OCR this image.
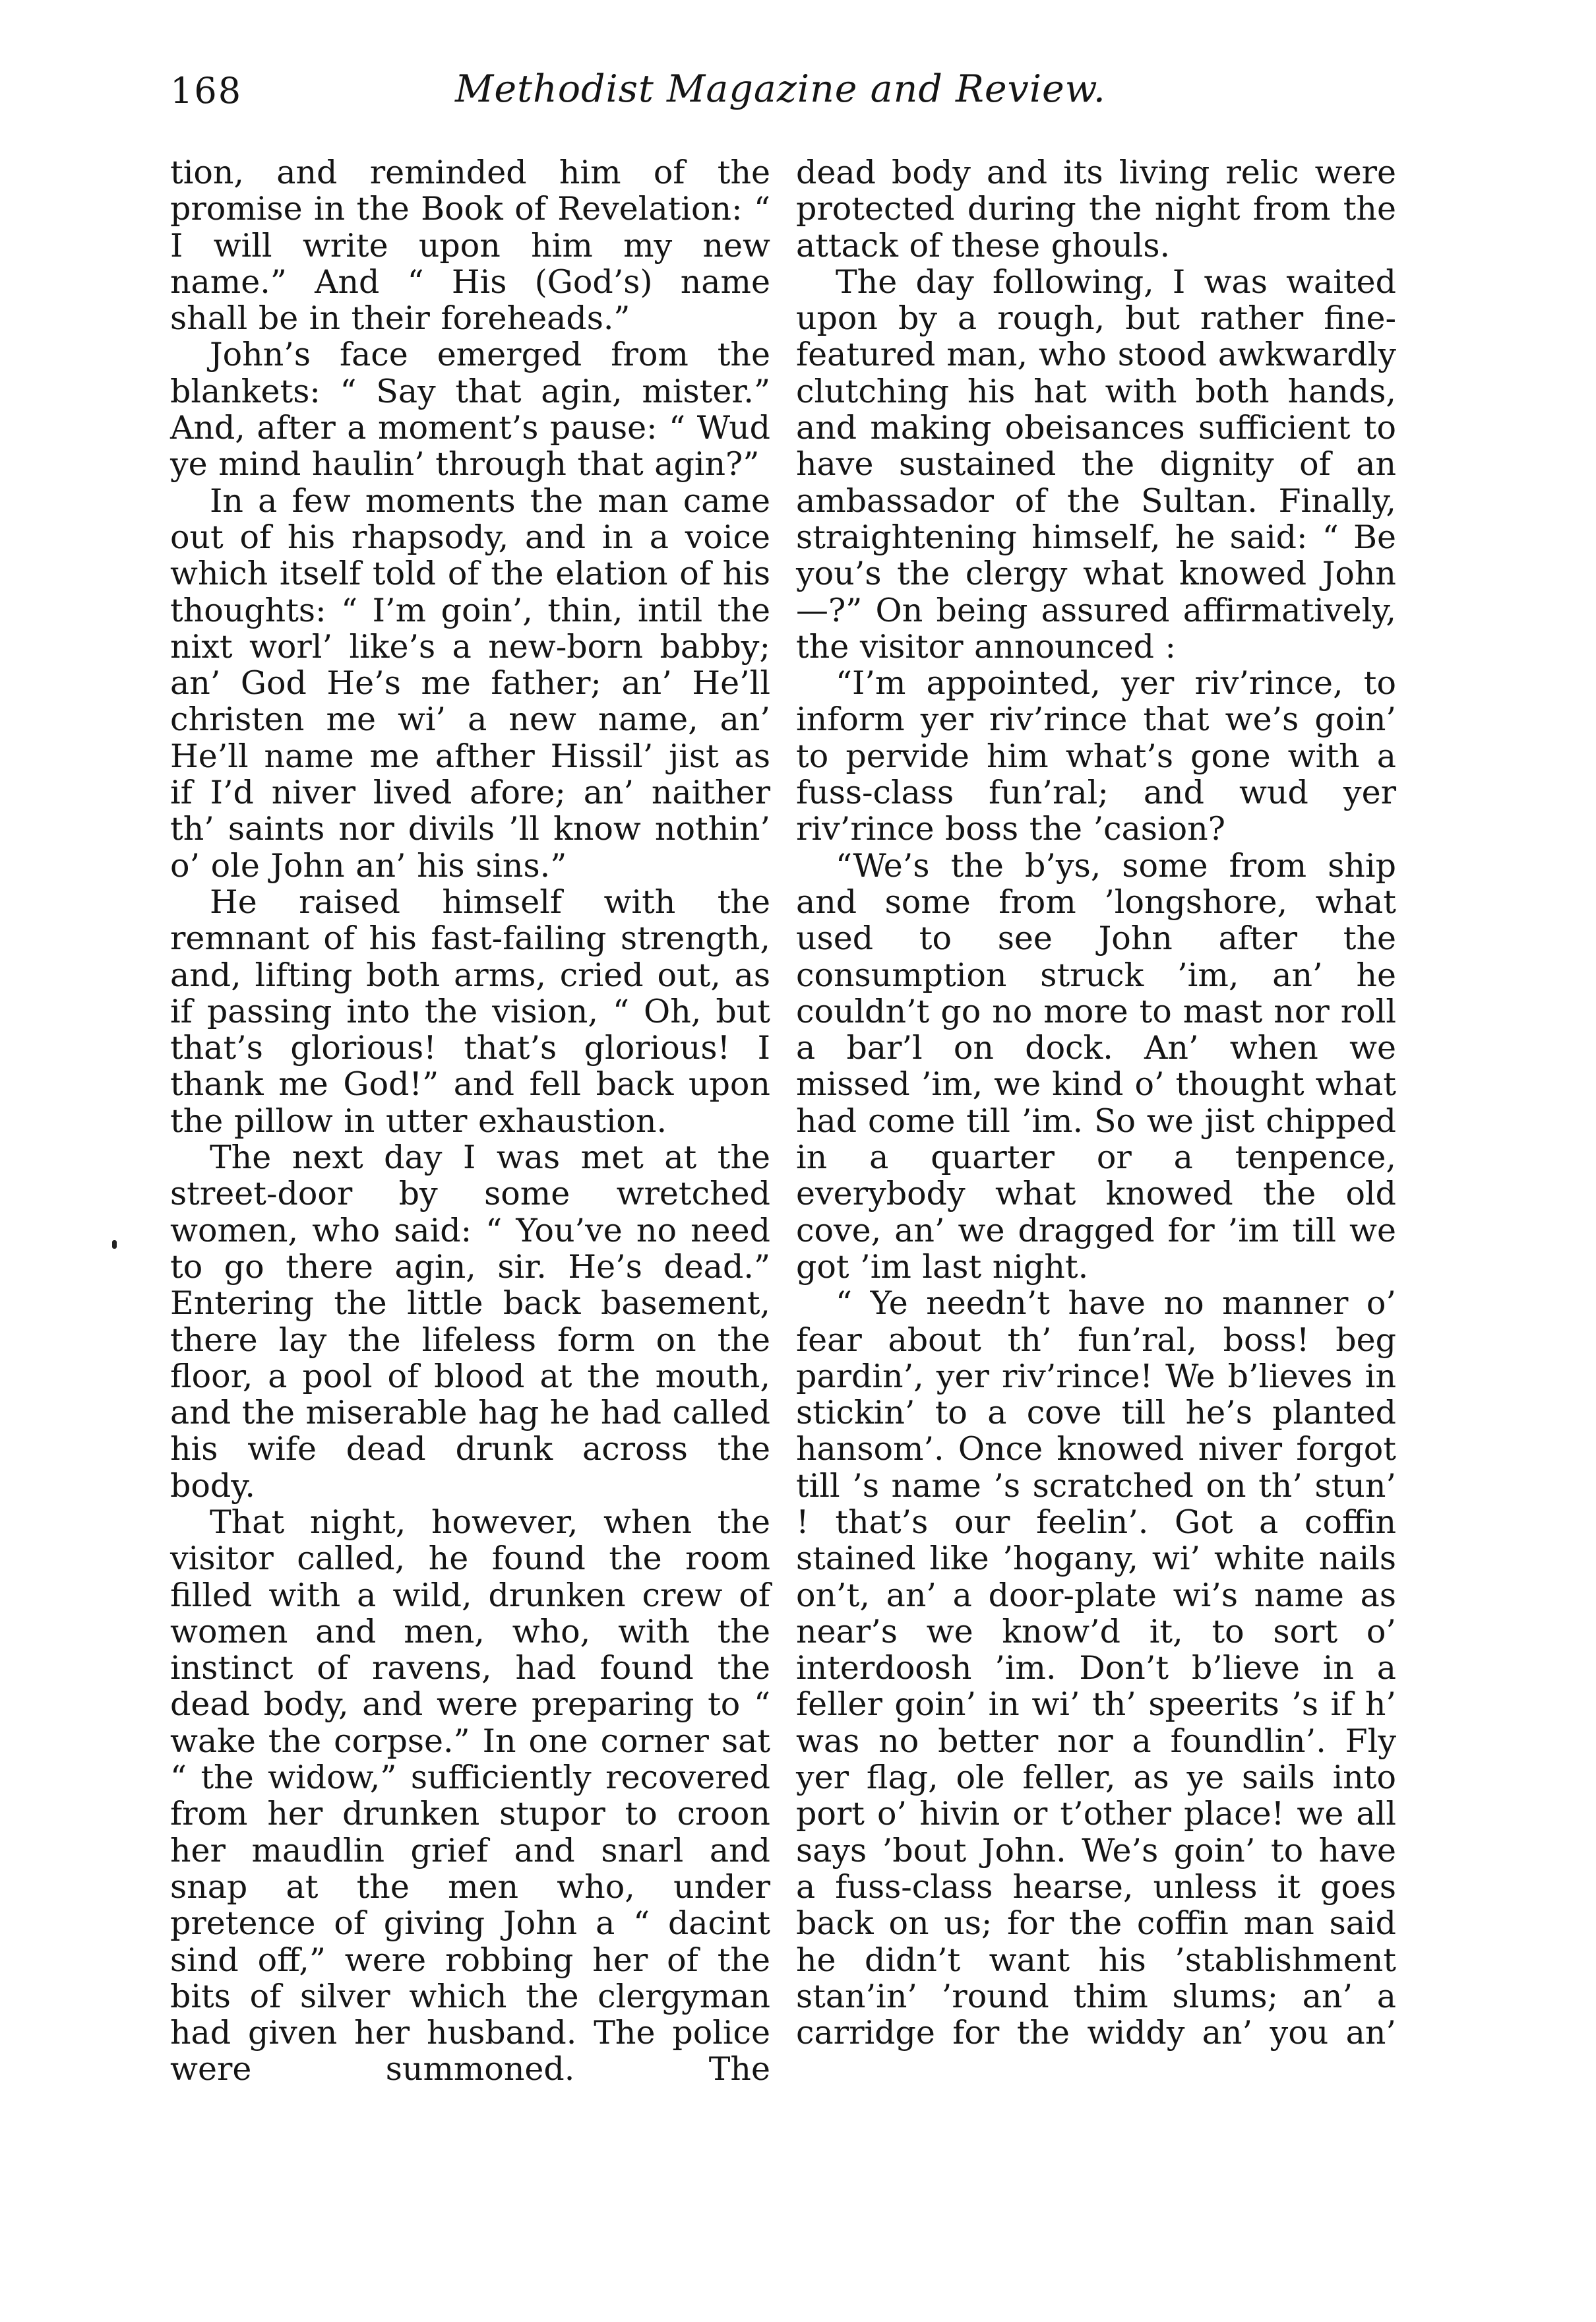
168	Methodist Magazine and Review.

tion, and reminded him of the promise in the Book of Revelation: “ I will write upon him my new name.” And “ His (God’s) name shall be in their foreheads.”

John’s face emerged from the blankets: “ Say that agin, mister.” And, after a moment’s pause: “ Wud ye mind haulin’ through that agin?”

In a few moments the man came out of his rhapsody, and in a voice which itself told of the elation of his thoughts: “ I’m goin’, thin, intil the nixt worl’ like’s a new-born babby; an’ God He’s me father; an’ He’ll christen me wi’ a new name, an’ He’ll name me afther Hissil’ jist as if I’d niver lived afore; an’ naither th’ saints nor divils ’ll know nothin’ o’ ole John an’ his sins.”

He raised himself with the remnant of his fast-failing strength, and, lifting both arms, cried out, as if passing into the vision, “ Oh, but that’s glorious! that’s glorious! I thank me God!” and fell back upon the pillow in utter exhaustion.

The next day I was met at the street-door by some wretched women, who said: “ You’ve no need to go there agin, sir. He’s dead.” Entering the little back basement, there lay the lifeless form on the floor, a pool of blood at the mouth, and the miserable hag he had called his wife dead drunk across the body.

That night, however, when the visitor called, he found the room filled with a wild, drunken crew of women and men, who, with the instinct of ravens, had found the dead body, and were preparing to “ wake the corpse.” In one corner sat “ the widow,” sufficiently recovered from her drunken stupor to croon her maudlin grief and snarl and snap at the men who, under pretence of giving John a “ dacint sind off,” were robbing her of the bits of silver which the clergyman had given her husband. The police were summoned. The

dead body and its living relic were protected during the night from the attack of these ghouls.

The day following, I was waited upon by a rough, but rather fine-featured man, who stood awkwardly clutching his hat with both hands, and making obeisances sufficient to have sustained the dignity of an ambassador of the Sultan. Finally, straightening himself, he said: “ Be you’s the clergy what knowed John—?” On being assured affirmatively, the visitor announced :

“I’m appointed, yer riv’rince, to inform yer riv’rince that we’s goin’ to pervide him what’s gone with a fuss-class fun’ral; and wud yer riv’rince boss the ’casion?

“We’s the b’ys, some from ship and some from ’longshore, what used to see John after the consumption struck ’im, an’ he couldn’t go no more to mast nor roll a bar’l on dock. An’ when we missed ’im, we kind o’ thought what had come till ’im. So we jist chipped in a quarter or a tenpence, everybody what knowed the old cove, an’ we dragged for ’im till we got ’im last night.

“ Ye needn’t have no manner o’ fear about th’ fun’ral, boss! beg pardin’, yer riv’rince! We b’lieves in stickin’ to a cove till he’s planted hansom’. Once knowed niver forgot till ’s name ’s scratched on th’ stun’ ! that’s our feelin’. Got a coffin stained like ’hogany, wi’ white nails on’t, an’ a door-plate wi’s name as near’s we know’d it, to sort o’ interdoosh ’im. Don’t b’lieve in a feller goin’ in wi’ th’ speerits ’s if h’ was no better nor a foundlin’. Fly yer flag, ole feller, as ye sails into port o’ hivin or t’other place! we all says ’bout John. We’s goin’ to have a fuss-class hearse, unless it goes back on us; for the coffin man said he didn’t want his ’stablishment stan’in’ ’round thim slums; an’ a carridge for the widdy an’ you an’
